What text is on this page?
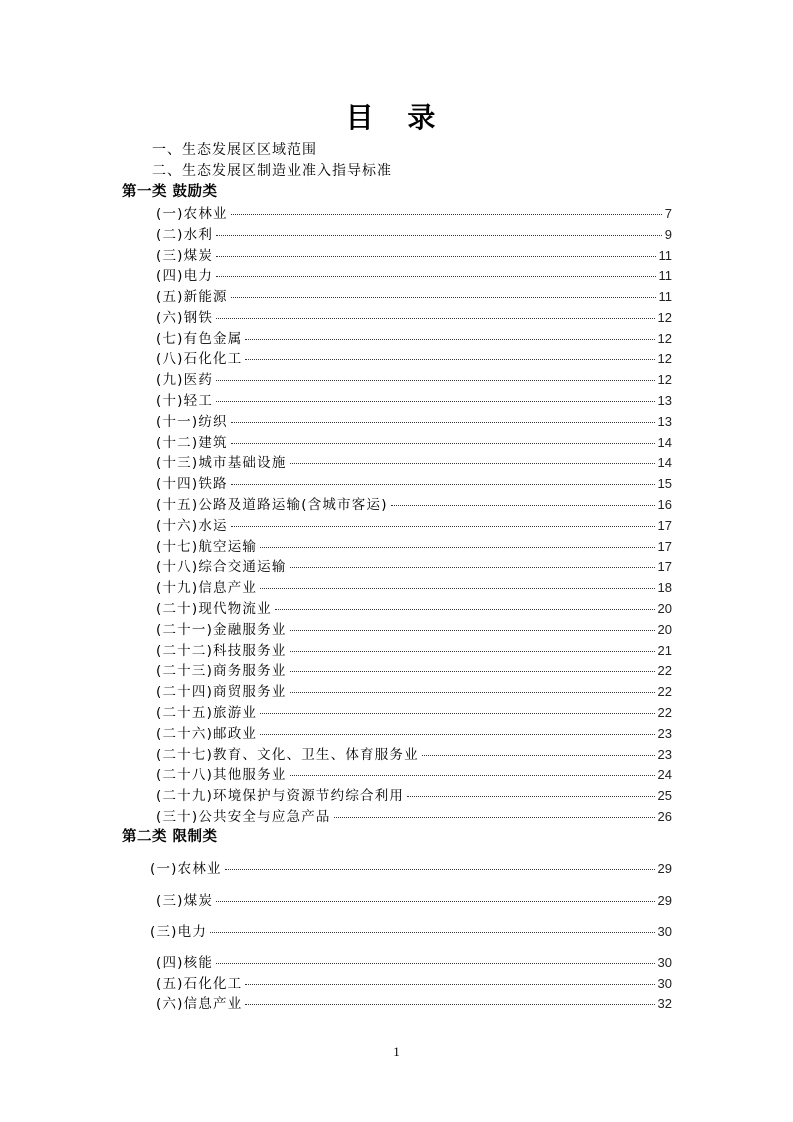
目 录
一、生态发展区区域范围
二、生态发展区制造业准入指导标准
第一类 鼓励类
(一)农林业	7
(二)水利	9
(三)煤炭	11
(四)电力	11
(五)新能源	11
(六)钢铁	12
(七)有色金属	12
(八)石化化工	12
(九)医药	12
(十)轻工	13
(十一)纺织	13
(十二)建筑	14
(十三)城市基础设施	14
(十四)铁路	15
(十五)公路及道路运输(含城市客运)	16
(十六)水运	17
(十七)航空运输	17
(十八)综合交通运输	17
(十九)信息产业	18
(二十)现代物流业	20
(二十一)金融服务业	20
(二十二)科技服务业	21
(二十三)商务服务业	22
(二十四)商贸服务业	22
(二十五)旅游业	22
(二十六)邮政业	23
(二十七)教育、文化、卫生、体育服务业	23
(二十八)其他服务业	24
(二十九)环境保护与资源节约综合利用	25
(三十)公共安全与应急产品	26
第二类 限制类
(一)农林业	29
(三)煤炭	29
(三)电力	30
(四)核能	30
(五)石化化工	30
(六)信息产业	32
1
